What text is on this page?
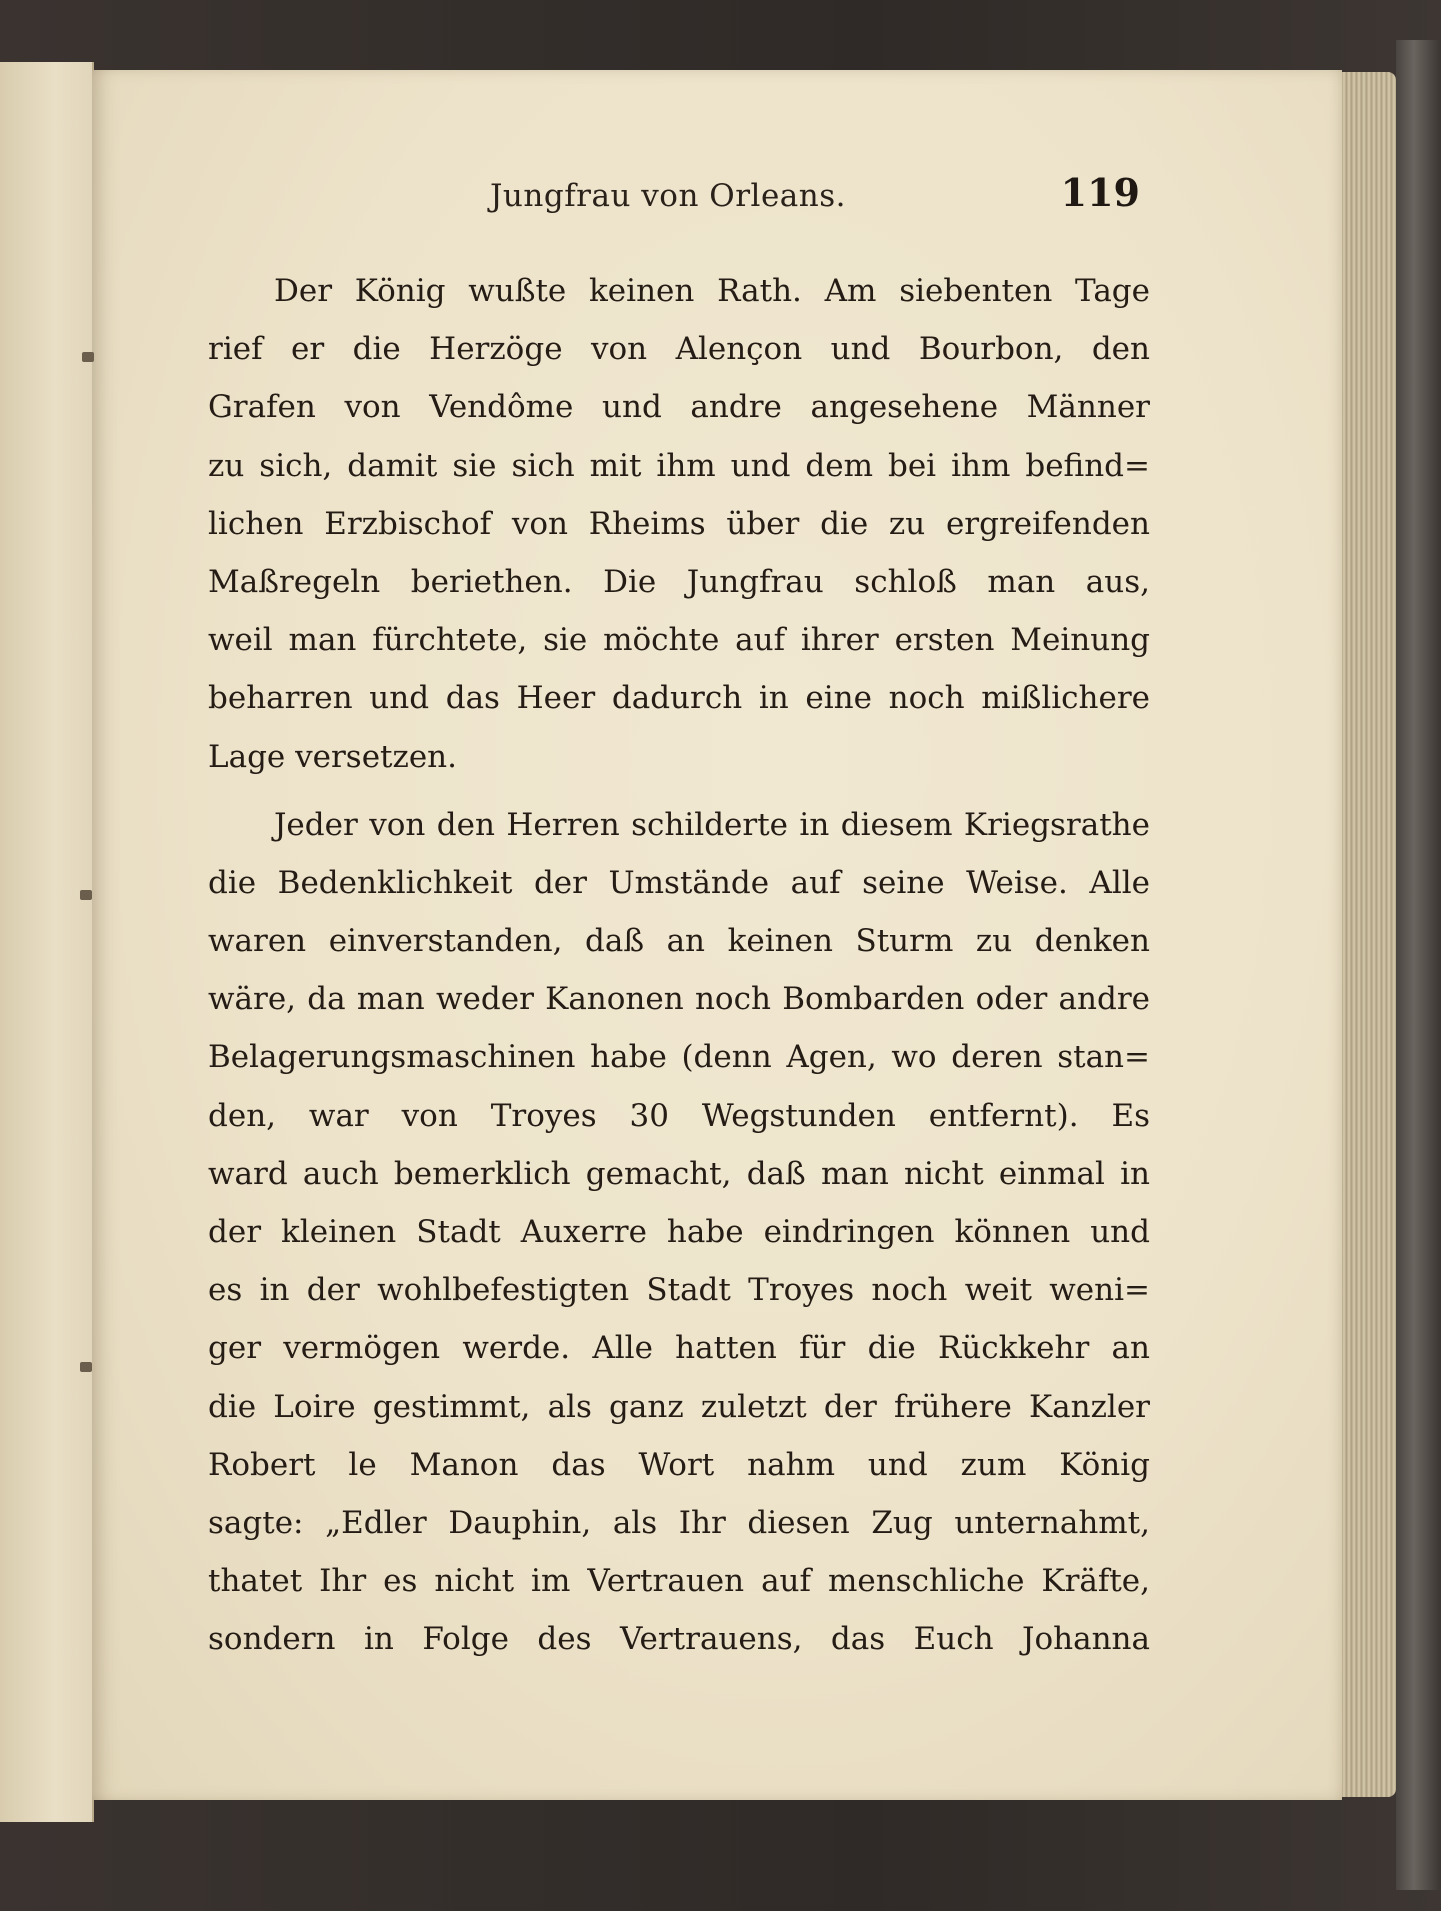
Jungfrau von Orleans.	119
Der König wußte keinen Rath. Am siebenten Tage
rief er die Herzöge von Alençon und Bourbon, den
Grafen von Vendôme und andre angesehene Männer
zu sich, damit sie sich mit ihm und dem bei ihm befind=
lichen Erzbischof von Rheims über die zu ergreifenden
Maßregeln beriethen. Die Jungfrau schloß man aus,
weil man fürchtete, sie möchte auf ihrer ersten Meinung
beharren und das Heer dadurch in eine noch mißlichere
Lage versetzen.
Jeder von den Herren schilderte in diesem Kriegsrathe
die Bedenklichkeit der Umstände auf seine Weise. Alle
waren einverstanden, daß an keinen Sturm zu denken
wäre, da man weder Kanonen noch Bombarden oder andre
Belagerungsmaschinen habe (denn Agen, wo deren stan=
den, war von Troyes 30 Wegstunden entfernt). Es
ward auch bemerklich gemacht, daß man nicht einmal in
der kleinen Stadt Auxerre habe eindringen können und
es in der wohlbefestigten Stadt Troyes noch weit weni=
ger vermögen werde. Alle hatten für die Rückkehr an
die Loire gestimmt, als ganz zuletzt der frühere Kanzler
Robert le Manon das Wort nahm und zum König
sagte: „Edler Dauphin, als Ihr diesen Zug unternahmt,
thatet Ihr es nicht im Vertrauen auf menschliche Kräfte,
sondern in Folge des Vertrauens, das Euch Johanna
